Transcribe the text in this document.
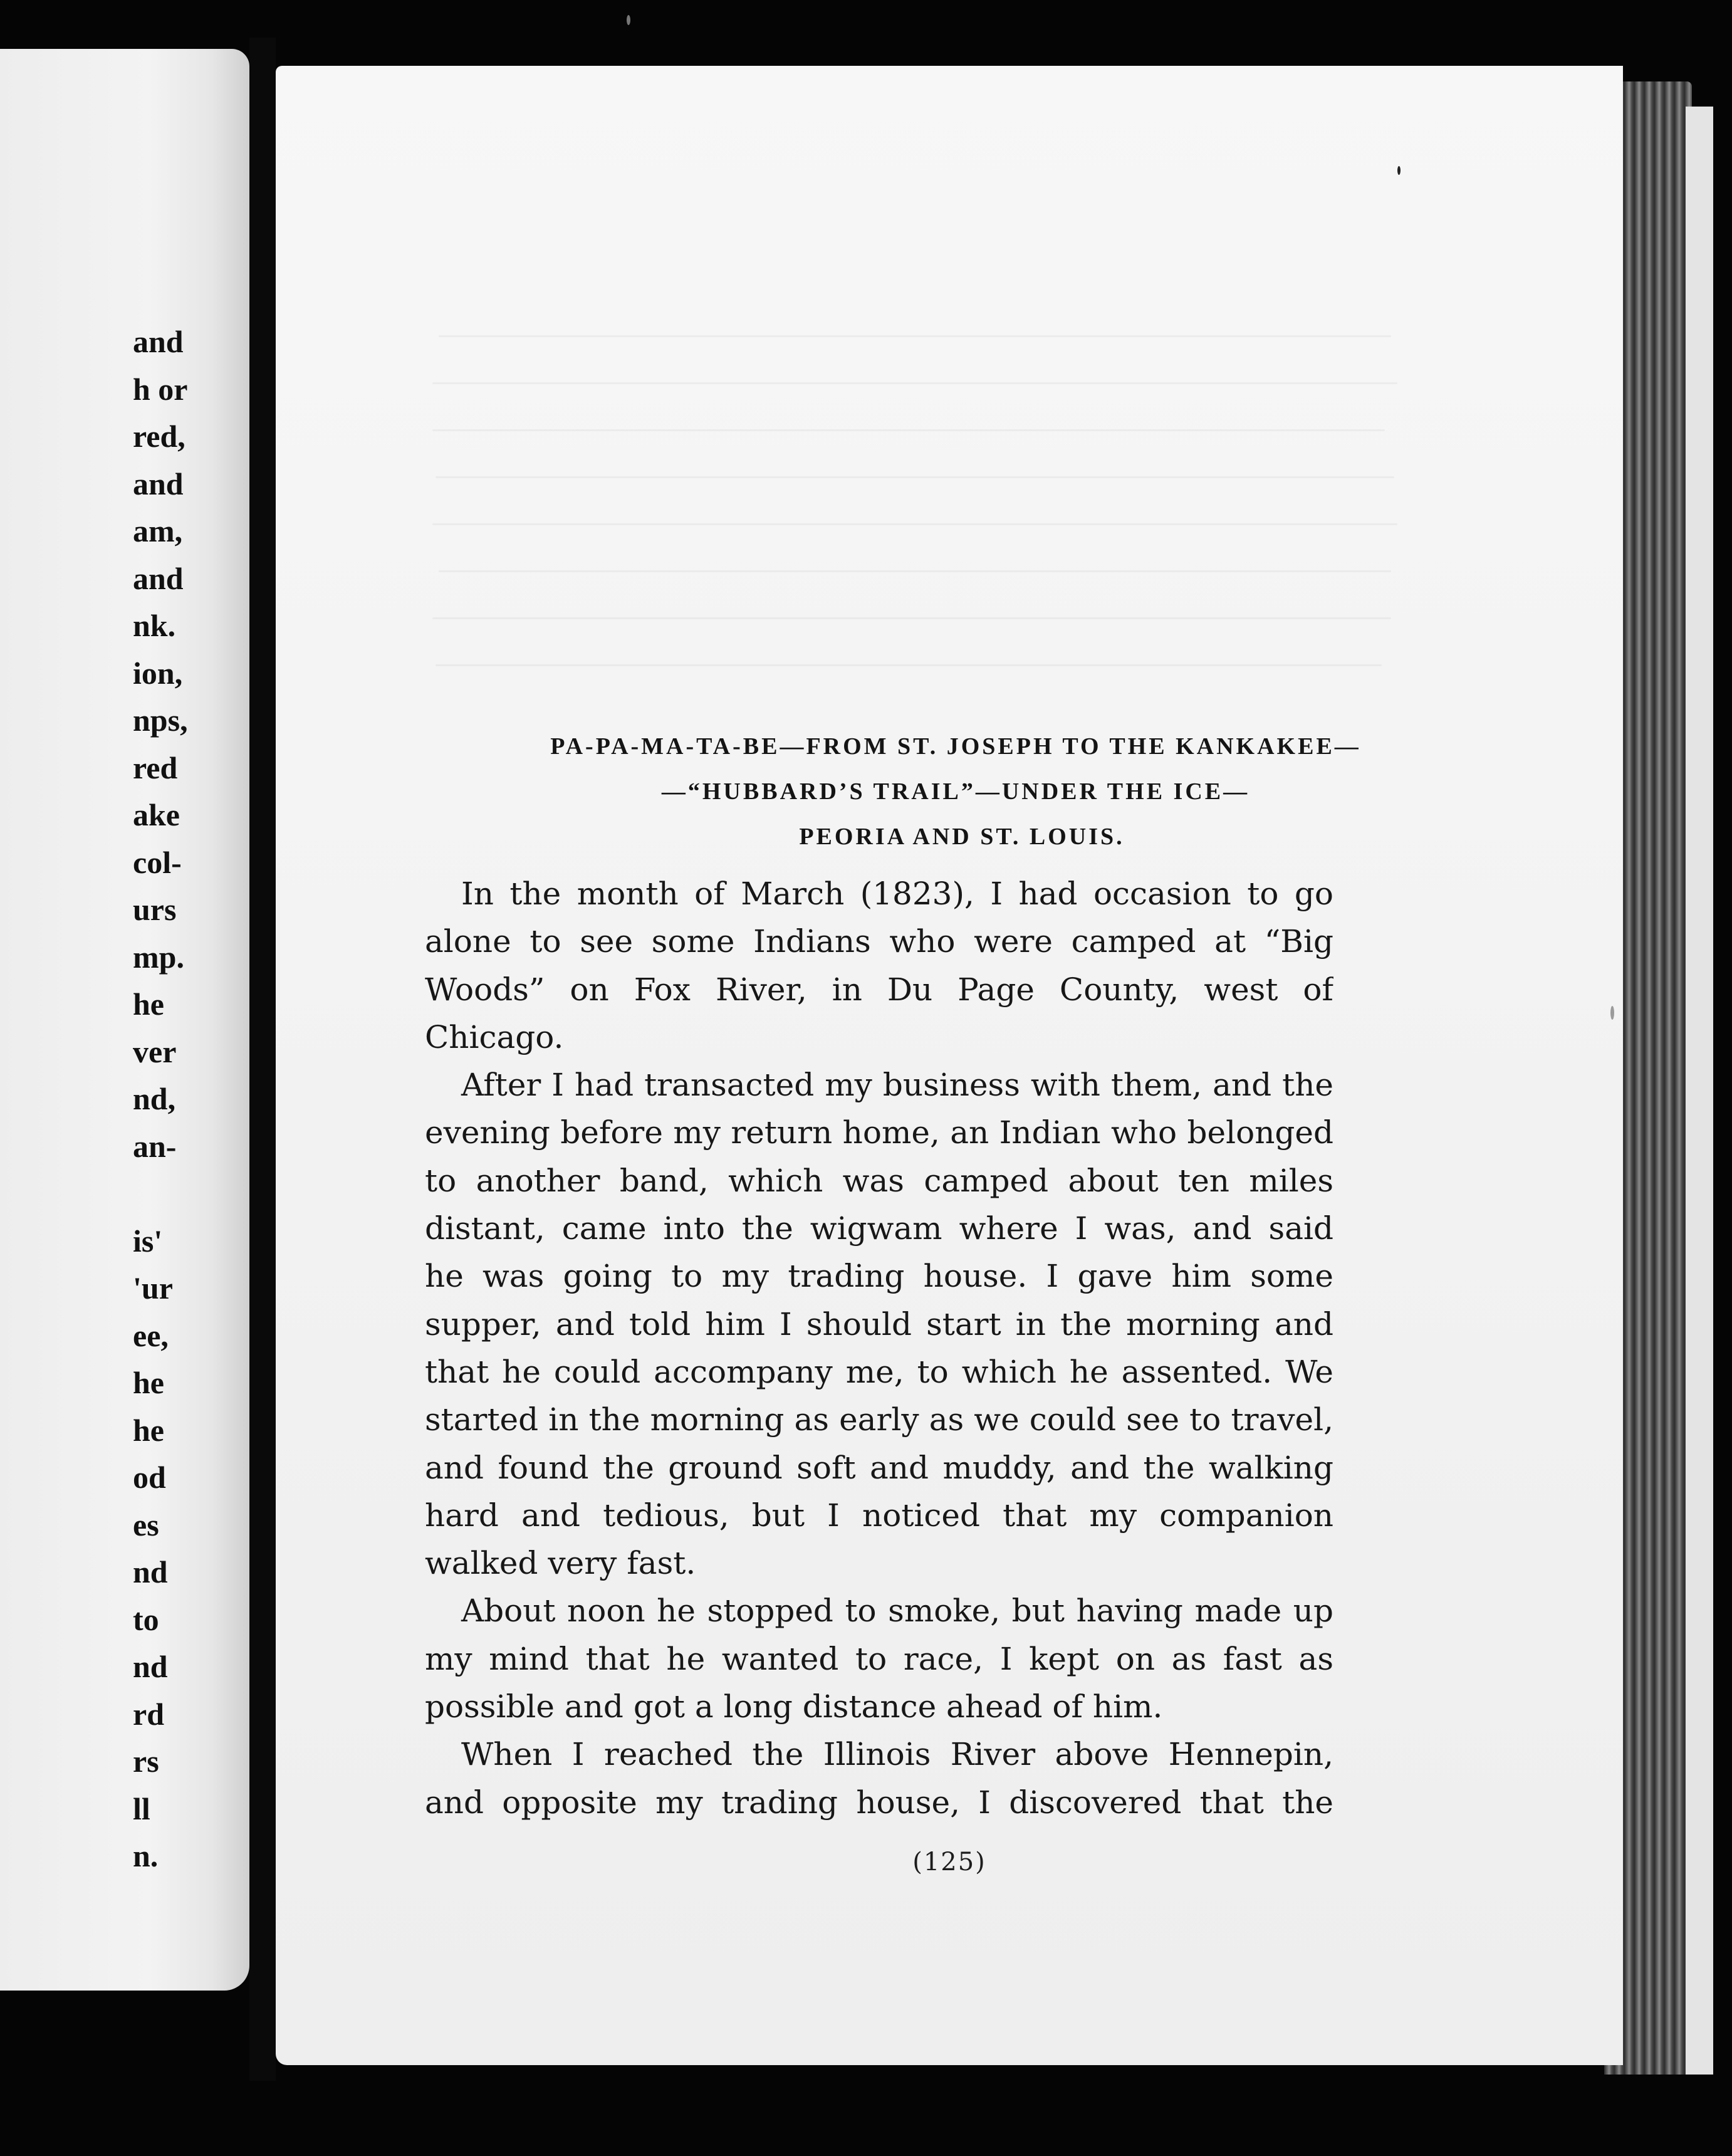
and
h or
red,
and
am,
and
nk.
ion,
nps,
red
ake
col-
urs
mp.
he
ver
nd,
an-
is'
'ur
ee,
he
he
od
es
nd
to
nd
rd
rs
ll
n.
PA-PA-MA-TA-BE—FROM ST. JOSEPH TO THE KANKAKEE—
—“HUBBARD’S TRAIL”—UNDER THE ICE—
PEORIA AND ST. LOUIS.
In the month of March (1823), I had occasion to go
alone to see some Indians who were camped at “Big
Woods” on Fox River, in Du Page County, west of
Chicago.
After I had transacted my business with them, and the
evening before my return home, an Indian who belonged
to another band, which was camped about ten miles
distant, came into the wigwam where I was, and said
he was going to my trading house. I gave him some
supper, and told him I should start in the morning and
that he could accompany me, to which he assented. We
started in the morning as early as we could see to travel,
and found the ground soft and muddy, and the walking
hard and tedious, but I noticed that my companion
walked very fast.
About noon he stopped to smoke, but having made up
my mind that he wanted to race, I kept on as fast as
possible and got a long distance ahead of him.
When I reached the Illinois River above Hennepin,
and opposite my trading house, I discovered that the
(125)
